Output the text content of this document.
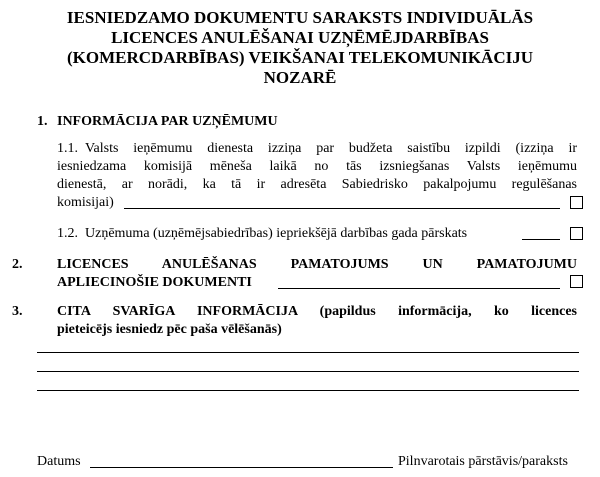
IESNIEDZAMO DOKUMENTU SARAKSTS INDIVIDUĀLĀS
LICENCES ANULĒŠANAI UZŅĒMĒJDARBĪBAS
(KOMERCDARBĪBAS) VEIKŠANAI TELEKOMUNIKĀCIJU
NOZARĒ
1. INFORMĀCIJA PAR UZŅĒMUMU
1.1. Valsts ieņēmumu dienesta izziņa par budžeta saistību izpildi (izziņa ir
iesniedzama komisijā mēneša laikā no tās izsniegšanas Valsts ieņēmumu
dienestā, ar norādi, ka tā ir adresēta Sabiedrisko pakalpojumu regulēšanas
komisijai)
1.2. Uzņēmuma (uzņēmējsabiedrības) iepriekšējā darbības gada pārskats
2. LICENCES ANULĒŠANAS PAMATOJUMS UN PAMATOJUMU
APLIECINOŠIE DOKUMENTI
3. CITA SVARĪGA INFORMĀCIJA (papildus informācija, ko licences
pieteicējs iesniedz pēc paša vēlēšanās)
Datums	Pilnvarotais pārstāvis/paraksts
